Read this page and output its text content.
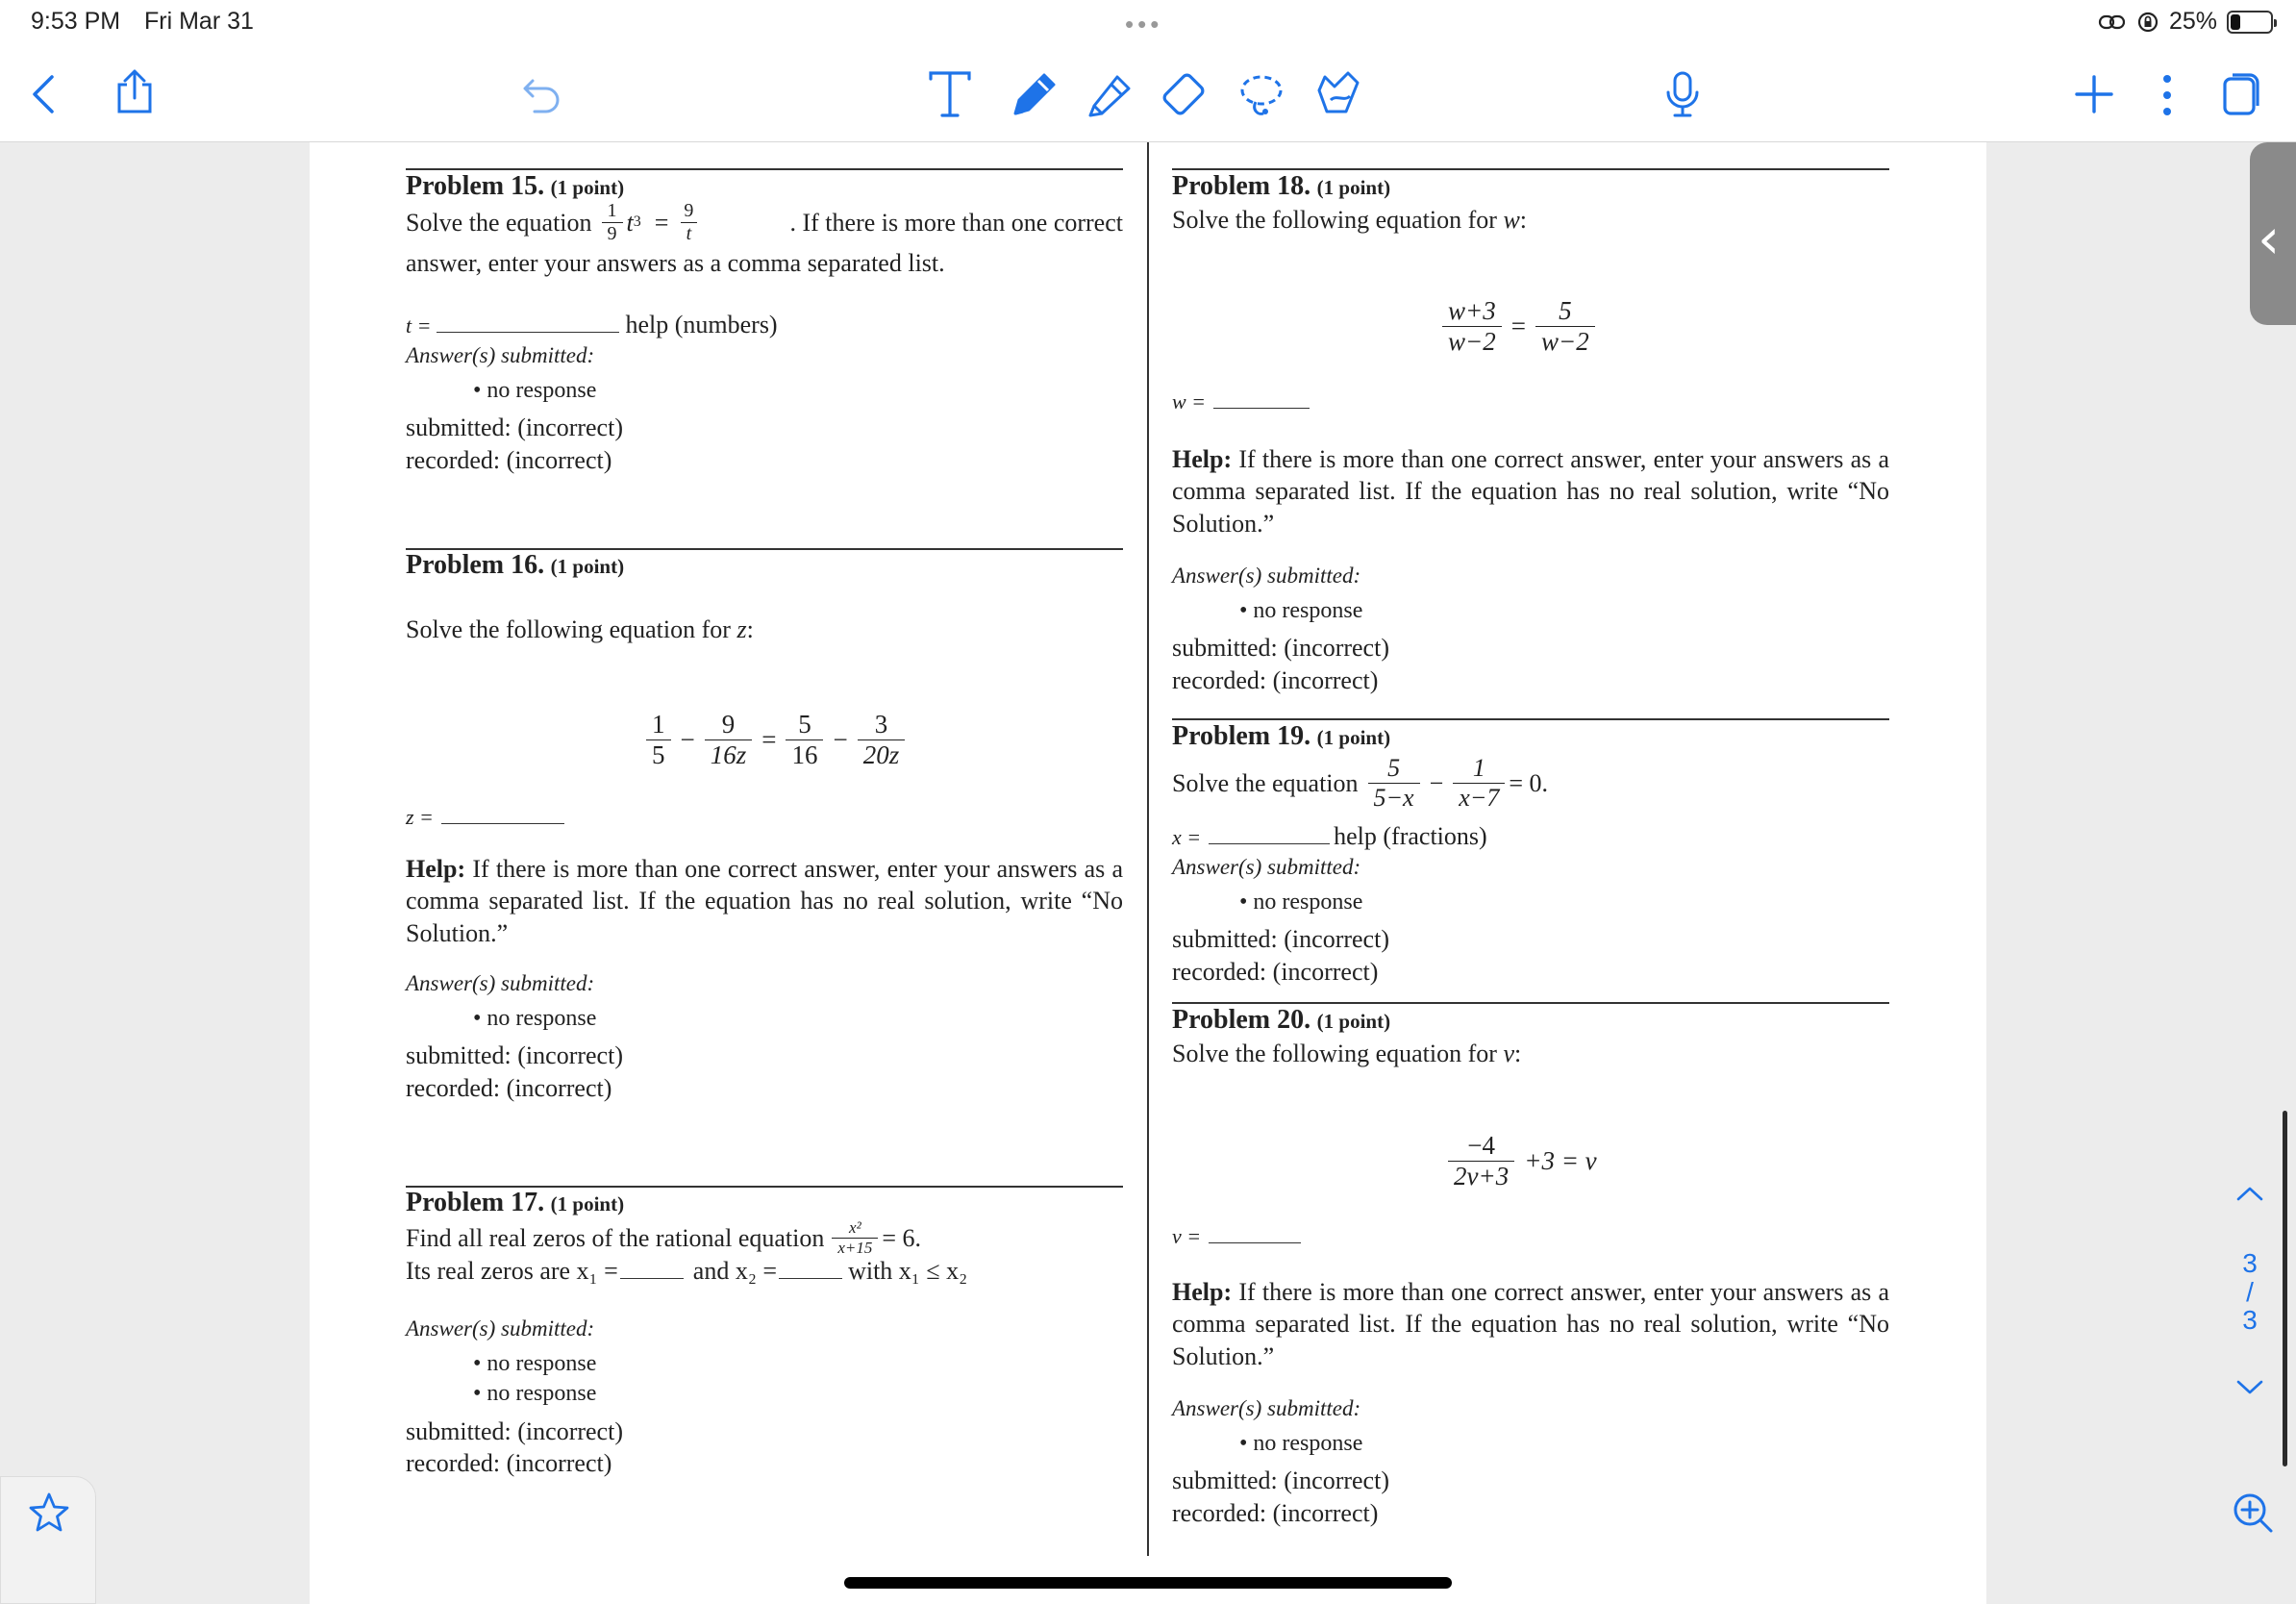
9:53 PM Fri Mar 31	•••	25%
Problem 15. (1 point)
Solve the equation $\frac{1}{9}$ t $3 = \frac{9}{t}$	. If there is more than one correct
answer, enter your answers as a comma separated list.
t =	help (numbers)
Answer(s) submitted:
• no response
submitted: (incorrect)
recorded: (incorrect)
Problem 16. (1 point)
Solve the following equation for z:
$\frac{1}{5} - \frac{9}{16z} = \frac{5}{16} - \frac{3}{20z}$
z =
Help: If there is more than one correct answer, enter your answers as a comma separated list. If the equation has no real solution, write “No Solution.”
Answer(s) submitted:
• no response
submitted: (incorrect)
recorded: (incorrect)
Problem 17. (1 point)
Find all real zeros of the rational equation $\frac{\text{x²}}{x+15} = 6$.
Its real zeros are x₁ =	and x₂ =	with x₁ ≤ x₂
Answer(s) submitted:
• no response
• no response
submitted: (incorrect)
recorded: (incorrect)
Problem 18. (1 point)
Solve the following equation for w:
$\frac{w+3}{w-2} = \frac{5}{w-2}$
w =
Help: If there is more than one correct answer, enter your answers as a comma separated list. If the equation has no real solution, write “No Solution.”
Answer(s) submitted:
• no response
submitted: (incorrect)
recorded: (incorrect)
Problem 19. (1 point)
Solve the equation $\frac{5}{5-x} - \frac{1}{x-7} = 0$.
x =	help (fractions)
Answer(s) submitted:
• no response
submitted: (incorrect)
recorded: (incorrect)
Problem 20. (1 point)
Solve the following equation for v:
$\frac{-4}{2v+3} +3 = v$
v =
Help: If there is more than one correct answer, enter your answers as a comma separated list. If the equation has no real solution, write “No Solution.”
Answer(s) submitted:
• no response
submitted: (incorrect)
recorded: (incorrect)
‹
3
/
3
